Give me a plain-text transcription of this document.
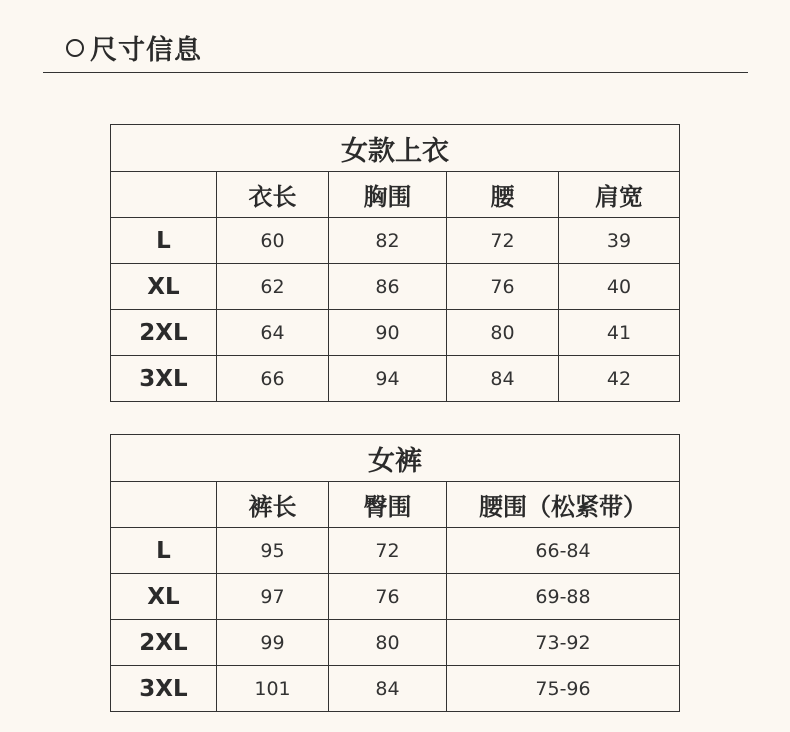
尺寸信息
女款上衣				
	衣长	胸围	腰	肩宽
L	60	82	72	39
XL	62	86	76	40
2XL	64	90	80	41
3XL	66	94	84	42
女裤			
	裤长	臀围	腰围（松紧带）
L	95	72	66-84
XL	97	76	69-88
2XL	99	80	73-92
3XL	101	84	75-96
